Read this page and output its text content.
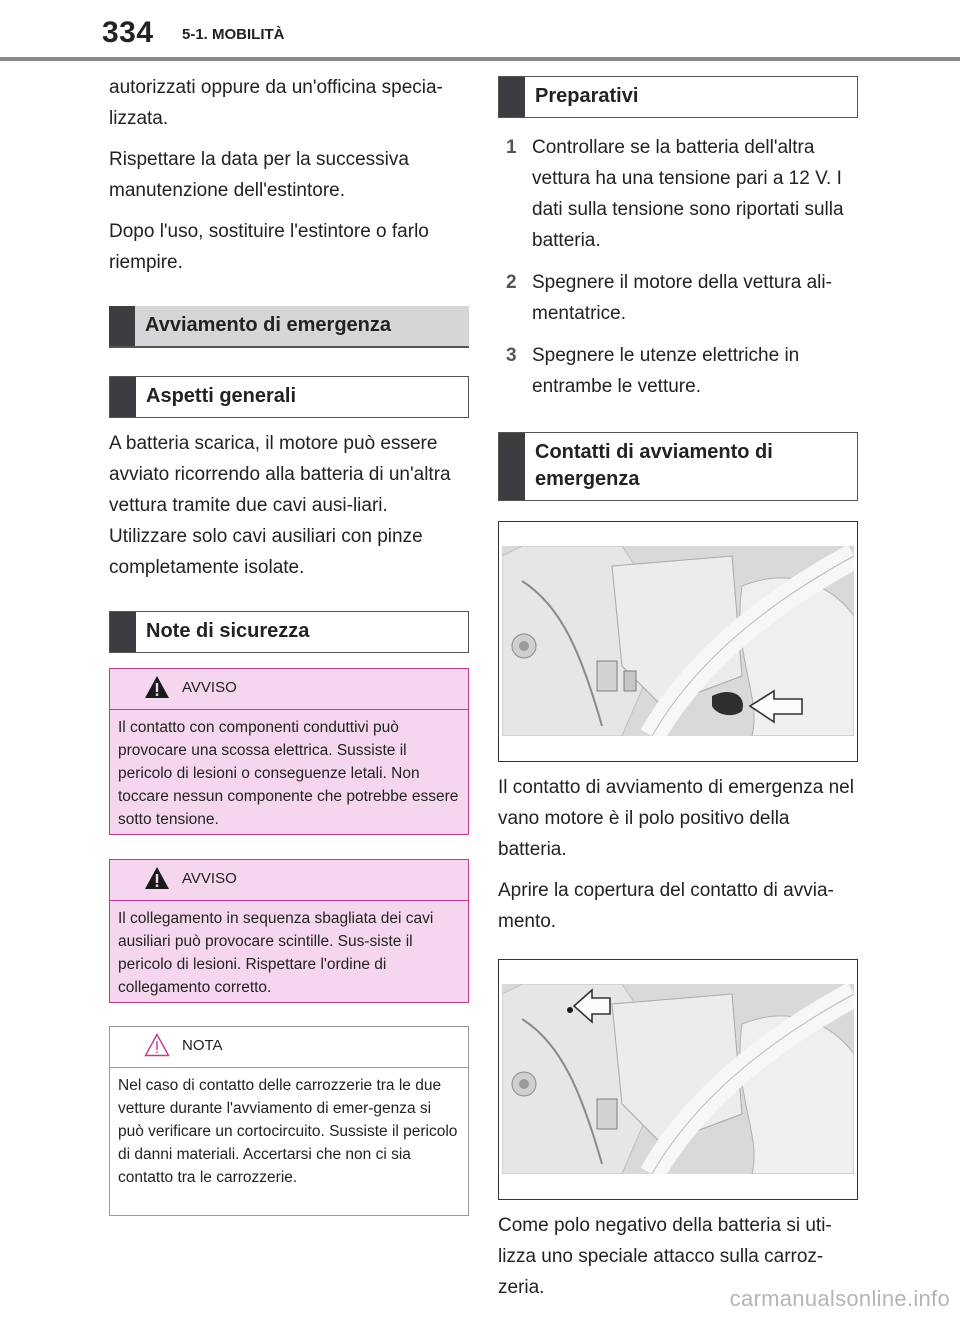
334 5-1. MOBILITÀ

autorizzati oppure da un'officina specia-lizzata.

Rispettare la data per la successiva manutenzione dell'estintore.

Dopo l'uso, sostituire l'estintore o farlo riempire.

Avviamento di emergenza
Aspetti generali

A batteria scarica, il motore può essere avviato ricorrendo alla batteria di un'altra vettura tramite due cavi ausi-liari. Utilizzare solo cavi ausiliari con pinze completamente isolate.

Note di sicurezza
AVVISO
Il contatto con componenti conduttivi può provocare una scossa elettrica. Sussiste il pericolo di lesioni o conseguenze letali. Non toccare nessun componente che potrebbe essere sotto tensione.
AVVISO
Il collegamento in sequenza sbagliata dei cavi ausiliari può provocare scintille. Sus-siste il pericolo di lesioni. Rispettare l'ordine di collegamento corretto.
NOTA
Nel caso di contatto delle carrozzerie tra le due vetture durante l'avviamento di emer-genza si può verificare un cortocircuito. Sussiste il pericolo di danni materiali. Accertarsi che non ci sia contatto tra le carrozzerie.
Preparativi
1 Controllare se la batteria dell'altra vettura ha una tensione pari a 12 V. I dati sulla tensione sono riportati sulla batteria.
2 Spegnere il motore della vettura ali-mentatrice.
3 Spegnere le utenze elettriche in entrambe le vetture.
Contatti di avviamento di emergenza

Il contatto di avviamento di emergenza nel vano motore è il polo positivo della batteria.

Aprire la copertura del contatto di avvia-mento.

Come polo negativo della batteria si uti-lizza uno speciale attacco sulla carroz-zeria.	carmanualsonline.info
